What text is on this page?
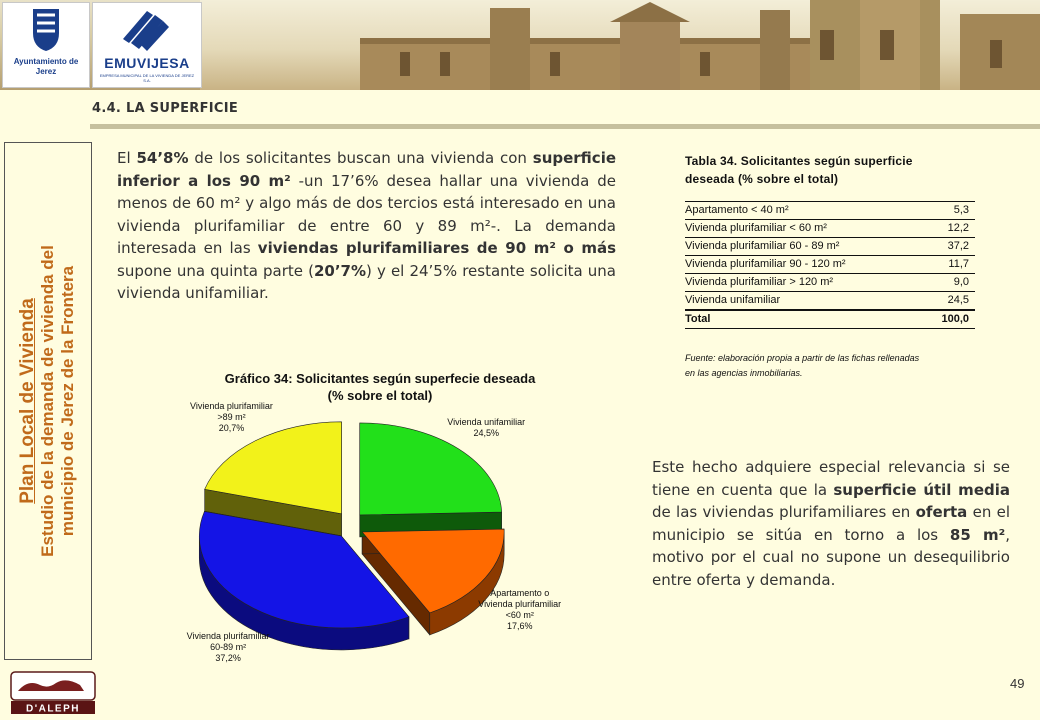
Ayuntamiento de Jerez
EMUVIJESA
EMPRESA MUNICIPAL DE LA VIVIENDA DE JEREZ S.A.
4.4. LA SUPERFICIE
Plan Local de Vivienda Estudio de la demanda de vivienda del municipio de Jerez de la Frontera
El 54’8% de los solicitantes buscan una vivienda con superficie inferior a los 90 m² -un 17’6% desea hallar una vivienda de menos de 60 m² y algo más de dos tercios está interesado en una vivienda plurifamiliar de entre 60 y 89 m²-. La demanda interesada en las viviendas plurifamiliares de 90 m² o más supone una quinta parte (20’7%) y el 24’5% restante solicita una vivienda unifamiliar.
Tabla 34. Solicitantes según superficie
deseada (% sobre el total)
Apartamento < 40 m²	5,3
Vivienda plurifamiliar < 60 m²	12,2
Vivienda plurifamiliar 60 - 89 m²	37,2
Vivienda plurifamiliar 90 - 120 m²	11,7
Vivienda plurifamiliar > 120 m²	9,0
Vivienda unifamiliar	24,5
Total	100,0
Fuente: elaboración propia a partir de las fichas rellenadas
en las agencias inmobiliarias.
Gráfico 34: Solicitantes según superfecie deseada
(% sobre el total)
Vivienda unifamiliar 24,5%
Apartamento o Vivienda plurifamiliar <60 m² 17,6%
Vivienda plurifamiliar 60-89 m² 37,2%
Vivienda plurifamiliar >89 m² 20,7%
Este hecho adquiere especial relevancia si se tiene en cuenta que la superficie útil media de las viviendas plurifamiliares en oferta en el municipio se sitúa en torno a los 85 m², motivo por el cual no supone un desequilibrio entre oferta y demanda.
D'ALEPH
49
